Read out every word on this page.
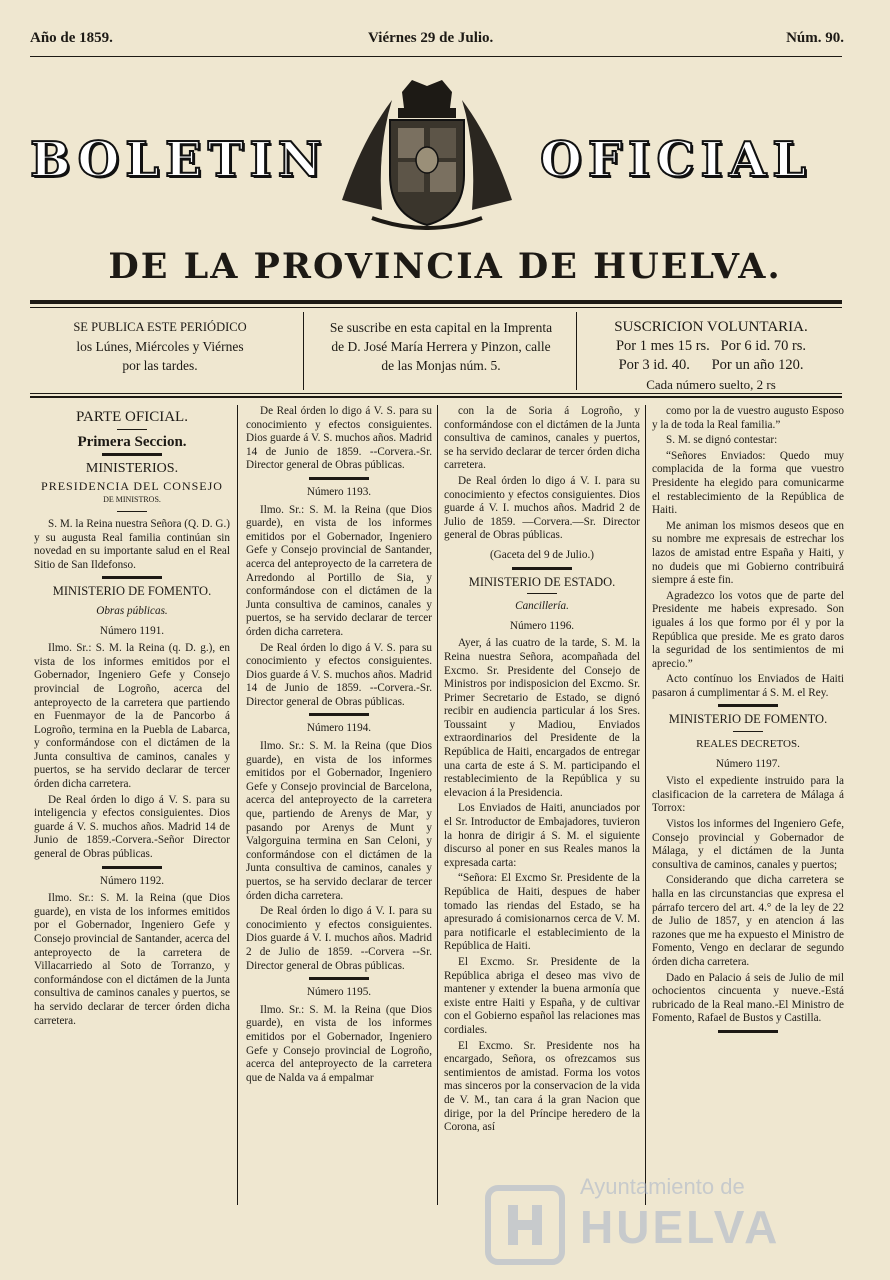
Año de 1859.	Viérnes 29 de Julio.	Núm. 90.
BOLETIN	OFICIAL
DE LA PROVINCIA DE HUELVA.
SE PUBLICA ESTE PERIÓDICO
los Lúnes, Miércoles y Viérnes
por las tardes.
Se suscribe en esta capital en la Imprenta
de D. José María Herrera y Pinzon, calle
de las Monjas núm. 5.
SUSCRICION VOLUNTARIA.
Por 1 mes 15 rs.   Por 6 id. 70 rs.
Por 3 id. 40.      Por un año 120.
Cada número suelto, 2 rs
PARTE OFICIAL.
Primera Seccion.
MINISTERIOS.
PRESIDENCIA DEL CONSEJO
DE MINISTROS.

S. M. la Reina nuestra Señora (Q. D. G.) y su augusta Real familia continúan sin novedad en su importante salud en el Real Sitio de San Ildefonso.

MINISTERIO DE FOMENTO.
Obras públicas.
Número 1191.

Ilmo. Sr.: S. M. la Reina (q. D. g.), en vista de los informes emitidos por el Gobernador, Ingeniero Gefe y Consejo provincial de Logroño, acerca del anteproyecto de la carretera que partiendo en Fuenmayor de la de Pancorbo á Logroño, termina en la Puebla de Labarca, y conformándose con el dictámen de la Junta consultiva de caminos, canales y puertos, se ha servido declarar de tercer órden dicha carretera.

De Real órden lo digo á V. S. para su inteligencia y efectos consiguientes. Dios guarde á V. S. muchos años. Madrid 14 de Junio de 1859.-Corvera.-Señor Director general de Obras públicas.

Número 1192.

Ilmo. Sr.: S. M. la Reina (que Dios guarde), en vista de los informes emitidos por el Gobernador, Ingeniero Gefe y Consejo provincial de Santander, acerca del anteproyecto de la carretera de Villacarriedo al Soto de Torranzo, y conformándose con el dictámen de la Junta consultiva de caminos canales y puertos, se ha servido declarar de tercer órden dicha carretera.

De Real órden lo digo á V. S. para su conocimiento y efectos consiguientes. Dios guarde á V. S. muchos años. Madrid 14 de Junio de 1859. --Corvera.-Sr. Director general de Obras públicas.

Número 1193.

Ilmo. Sr.: S. M. la Reina (que Dios guarde), en vista de los informes emitidos por el Gobernador, Ingeniero Gefe y Consejo provincial de Santander, acerca del anteproyecto de la carretera de Arredondo al Portillo de Sia, y conformándose con el dictámen de la Junta consultiva de caminos, canales y puertos, se ha servido declarar de tercer órden dicha carretera.

De Real órden lo digo á V. S. para su conocimiento y efectos consiguientes. Dios guarde á V. S. muchos años. Madrid 14 de Junio de 1859. --Corvera.-Sr. Director general de Obras públicas.

Número 1194.

Ilmo. Sr.: S. M. la Reina (que Dios guarde), en vista de los informes emitidos por el Gobernador, Ingeniero Gefe y Consejo provincial de Barcelona, acerca del anteproyecto de la carretera que, partiendo de Arenys de Mar, y pasando por Arenys de Munt y Valgorguina termina en San Celoni, y conformándose con el dictámen de la Junta consultiva de caminos, canales y puertos, se ha servido declarar de tercer órden dicha carretera.

De Real órden lo digo á V. I. para su conocimiento y efectos consiguientes. Dios guarde á V. I. muchos años. Madrid 2 de Julio de 1859. --Corvera --Sr. Director general de Obras públicas.

Número 1195.

Ilmo. Sr.: S. M. la Reina (que Dios guarde), en vista de los informes emitidos por el Gobernador, Ingeniero Gefe y Consejo provincial de Logroño, acerca del anteproyecto de la carretera que de Nalda va á empalmar

con la de Soria á Logroño, y conformándose con el dictámen de la Junta consultiva de caminos, canales y puertos, se ha servido declarar de tercer órden dicha carretera.

De Real órden lo digo á V. I. para su conocimiento y efectos consiguientes. Dios guarde á V. I. muchos años. Madrid 2 de Julio de 1859. —Corvera.—Sr. Director general de Obras públicas.

(Gaceta del 9 de Julio.)
MINISTERIO DE ESTADO.
Cancillería.
Número 1196.

Ayer, á las cuatro de la tarde, S. M. la Reina nuestra Señora, acompañada del Excmo. Sr. Presidente del Consejo de Ministros por indisposicion del Excmo. Sr. Primer Secretario de Estado, se dignó recibir en audiencia particular á los Sres. Toussaint y Madiou, Enviados extraordinarios del Presidente de la República de Haiti, encargados de entregar una carta de este á S. M. participando el restablecimiento de la República y su elevacion á la Presidencia.

Los Enviados de Haiti, anunciados por el Sr. Introductor de Embajadores, tuvieron la honra de dirigir á S. M. el siguiente discurso al poner en sus Reales manos la expresada carta:

“Señora: El Excmo Sr. Presidente de la República de Haiti, despues de haber tomado las riendas del Estado, se ha apresurado á comisionarnos cerca de V. M. para notificarle el establecimiento de la República de Haiti.

El Excmo. Sr. Presidente de la República abriga el deseo mas vivo de mantener y extender la buena armonía que existe entre Haiti y España, y de cultivar con el Gobierno español las relaciones mas cordiales.

El Excmo. Sr. Presidente nos ha encargado, Señora, os ofrezcamos sus sentimientos de amistad. Forma los votos mas sinceros por la conservacion de la vida de V. M., tan cara á la gran Nacion que dirige, por la del Príncipe heredero de la Corona, así

como por la de vuestro augusto Esposo y la de toda la Real familia.”

S. M. se dignó contestar:

“Señores Enviados: Quedo muy complacida de la forma que vuestro Presidente ha elegido para comunicarme el restablecimiento de la República de Haiti.

Me animan los mismos deseos que en su nombre me expresais de estrechar los lazos de amistad entre España y Haiti, y no dudeis que mi Gobierno contribuirá siempre á este fin.

Agradezco los votos que de parte del Presidente me habeis expresado. Son iguales á los que formo por él y por la República que preside. Me es grato daros la seguridad de los sentimientos de mi aprecio.”

Acto contínuo los Enviados de Haiti pasaron á cumplimentar á S. M. el Rey.

MINISTERIO DE FOMENTO.
REALES DECRETOS.
Número 1197.

Visto el expediente instruido para la clasificacion de la carretera de Málaga á Torrox:

Vistos los informes del Ingeniero Gefe, Consejo provincial y Gobernador de Málaga, y el dictámen de la Junta consultiva de caminos, canales y puertos;

Considerando que dicha carretera se halla en las circunstancias que expresa el párrafo tercero del art. 4.° de la ley de 22 de Julio de 1857, y en atencion á las razones que me ha expuesto el Ministro de Fomento, Vengo en declarar de segundo órden dicha carretera.

Dado en Palacio á seis de Julio de mil ochocientos cincuenta y nueve.-Está rubricado de la Real mano.-El Ministro de Fomento, Rafael de Bustos y Castilla.

Ayuntamiento de
HUELVA
